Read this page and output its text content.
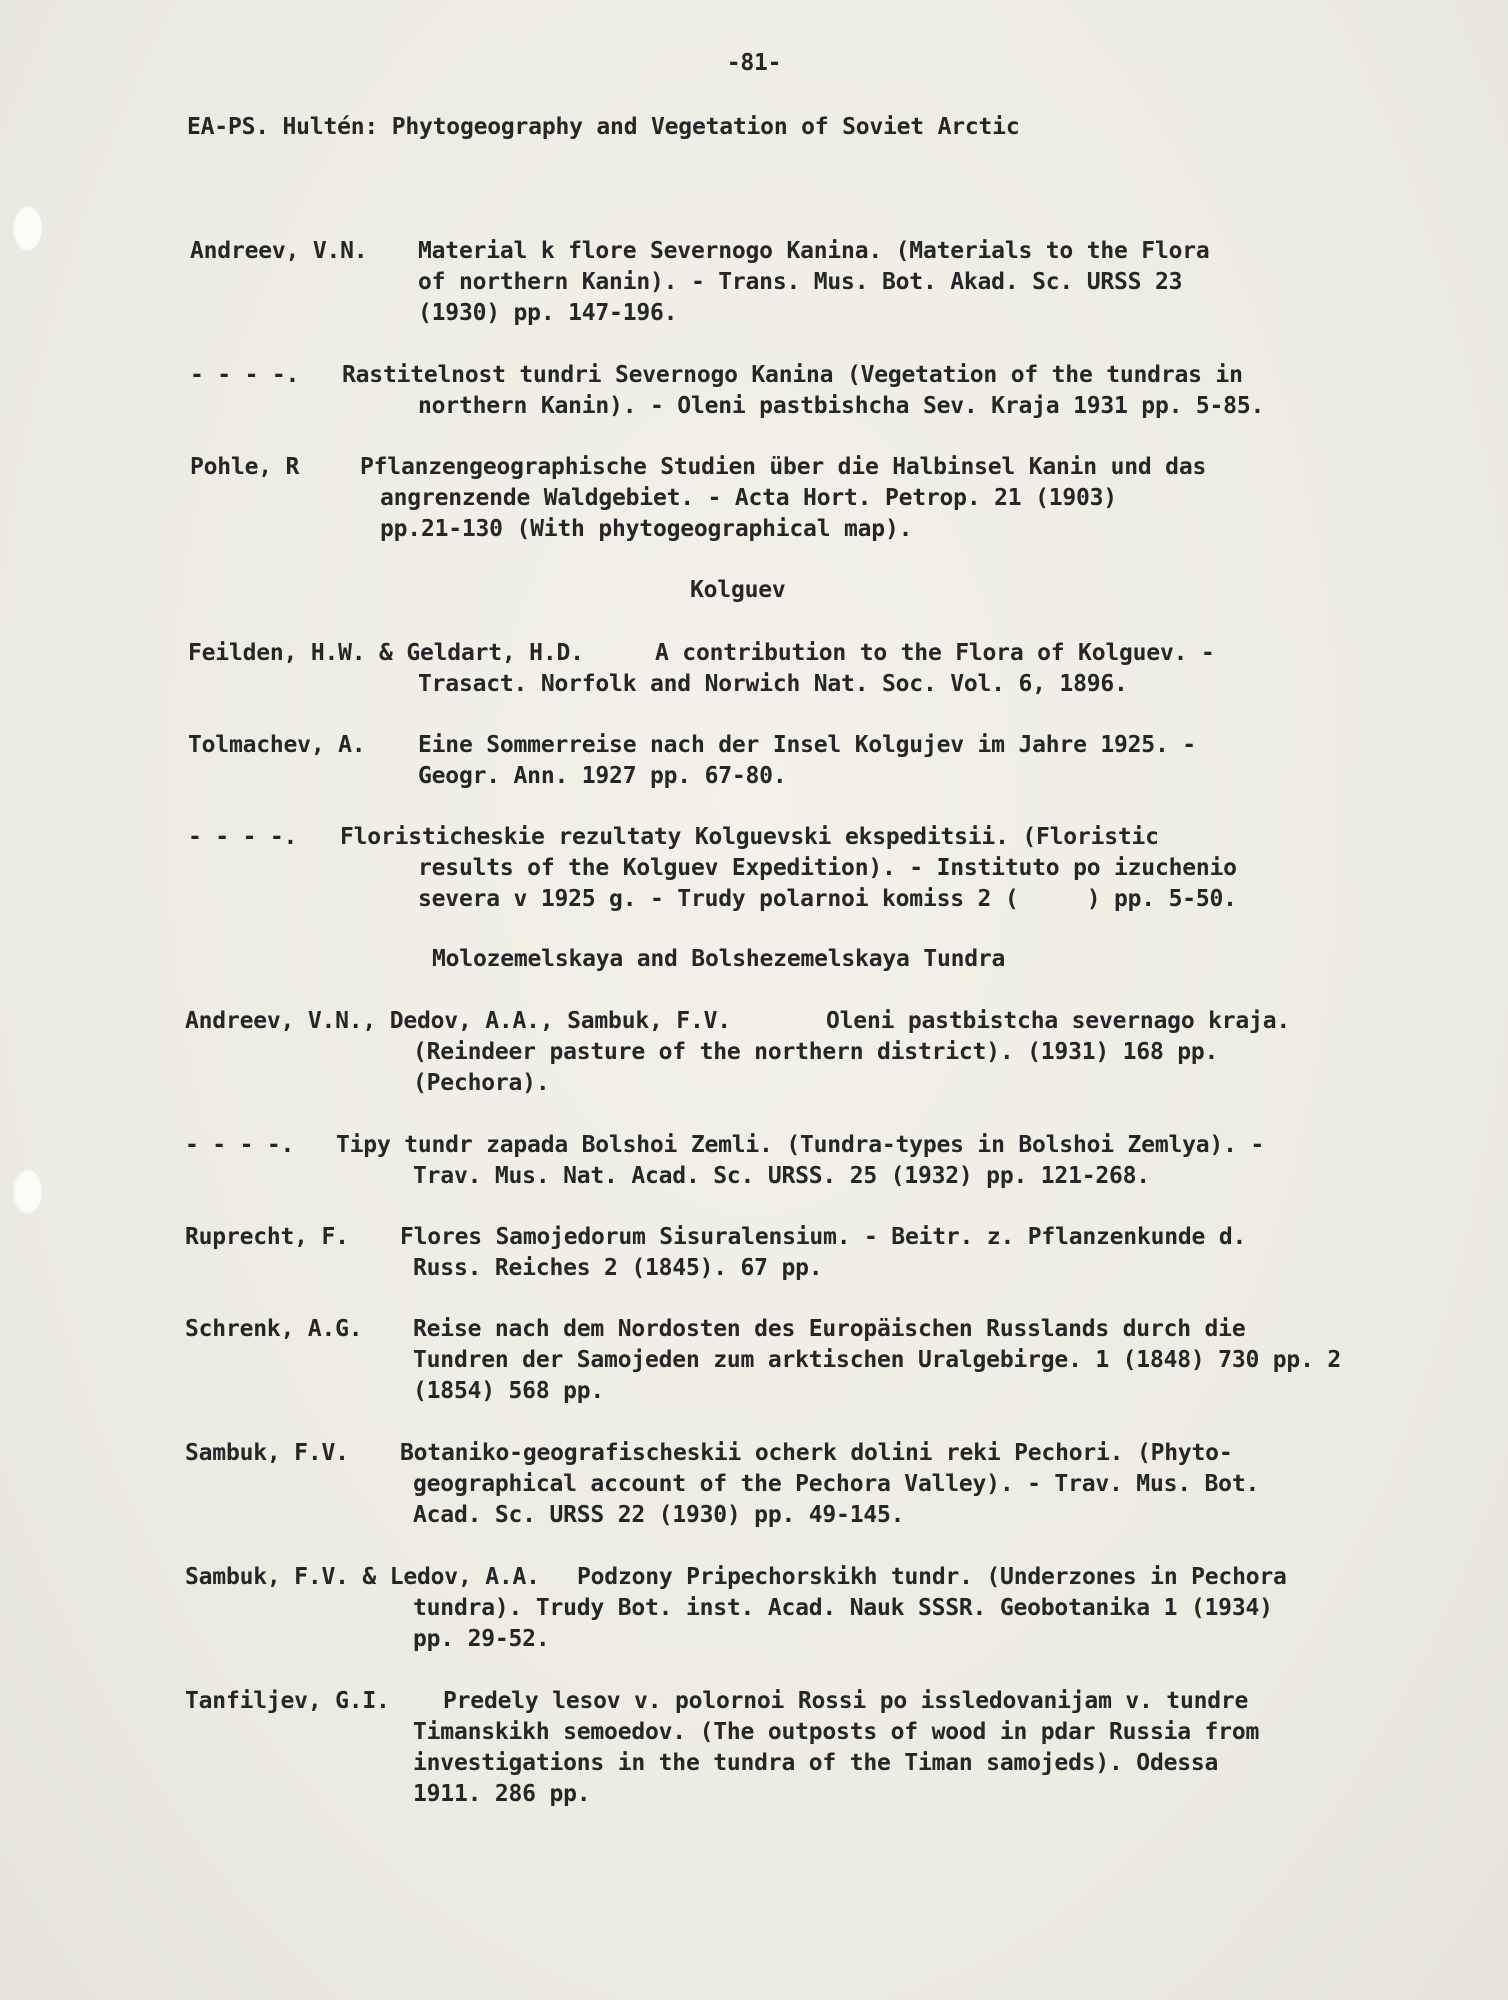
-81-
EA-PS. Hultén: Phytogeography and Vegetation of Soviet Arctic
Andreev, V.N. Material k flore Severnogo Kanina. (Materials to the Flora
of northern Kanin). - Trans. Mus. Bot. Akad. Sc. URSS 23
(1930) pp. 147-196.
- - - -. Rastitelnost tundri Severnogo Kanina (Vegetation of the tundras in
northern Kanin). - Oleni pastbishcha Sev. Kraja 1931 pp. 5-85.
Pohle, R	Pflanzengeographische Studien über die Halbinsel Kanin und das
angrenzende Waldgebiet. - Acta Hort. Petrop. 21 (1903)
pp.21-130 (With phytogeographical map).
Kolguev
Feilden, H.W. & Geldart, H.D.	A contribution to the Flora of Kolguev. -
Trasact. Norfolk and Norwich Nat. Soc. Vol. 6, 1896.
Tolmachev, A. Eine Sommerreise nach der Insel Kolgujev im Jahre 1925. -
Geogr. Ann. 1927 pp. 67-80.
- - - -. Floristicheskie rezultaty Kolguevski ekspeditsii. (Floristic
results of the Kolguev Expedition). - Instituto po izuchenio
severa v 1925 g. - Trudy polarnoi komiss 2 (     ) pp. 5-50.
Molozemelskaya and Bolshezemelskaya Tundra
Andreev, V.N., Dedov, A.A., Sambuk, F.V.	Oleni pastbistcha severnago kraja.
(Reindeer pasture of the northern district). (1931) 168 pp.
(Pechora).
- - - -. Tipy tundr zapada Bolshoi Zemli. (Tundra-types in Bolshoi Zemlya). -
Trav. Mus. Nat. Acad. Sc. URSS. 25 (1932) pp. 121-268.
Ruprecht, F. Flores Samojedorum Sisuralensium. - Beitr. z. Pflanzenkunde d.
Russ. Reiches 2 (1845). 67 pp.
Schrenk, A.G. Reise nach dem Nordosten des Europäischen Russlands durch die
Tundren der Samojeden zum arktischen Uralgebirge. 1 (1848) 730 pp. 2
(1854) 568 pp.
Sambuk, F.V. Botaniko-geografischeskii ocherk dolini reki Pechori. (Phyto-
geographical account of the Pechora Valley). - Trav. Mus. Bot.
Acad. Sc. URSS 22 (1930) pp. 49-145.
Sambuk, F.V. & Ledov, A.A. Podzony Pripechorskikh tundr. (Underzones in Pechora
tundra). Trudy Bot. inst. Acad. Nauk SSSR. Geobotanika 1 (1934)
pp. 29-52.
Tanfiljev, G.I. Predely lesov v. polornoi Rossi po issledovanijam v. tundre
Timanskikh semoedov. (The outposts of wood in pdar Russia from
investigations in the tundra of the Timan samojeds). Odessa
1911. 286 pp.
